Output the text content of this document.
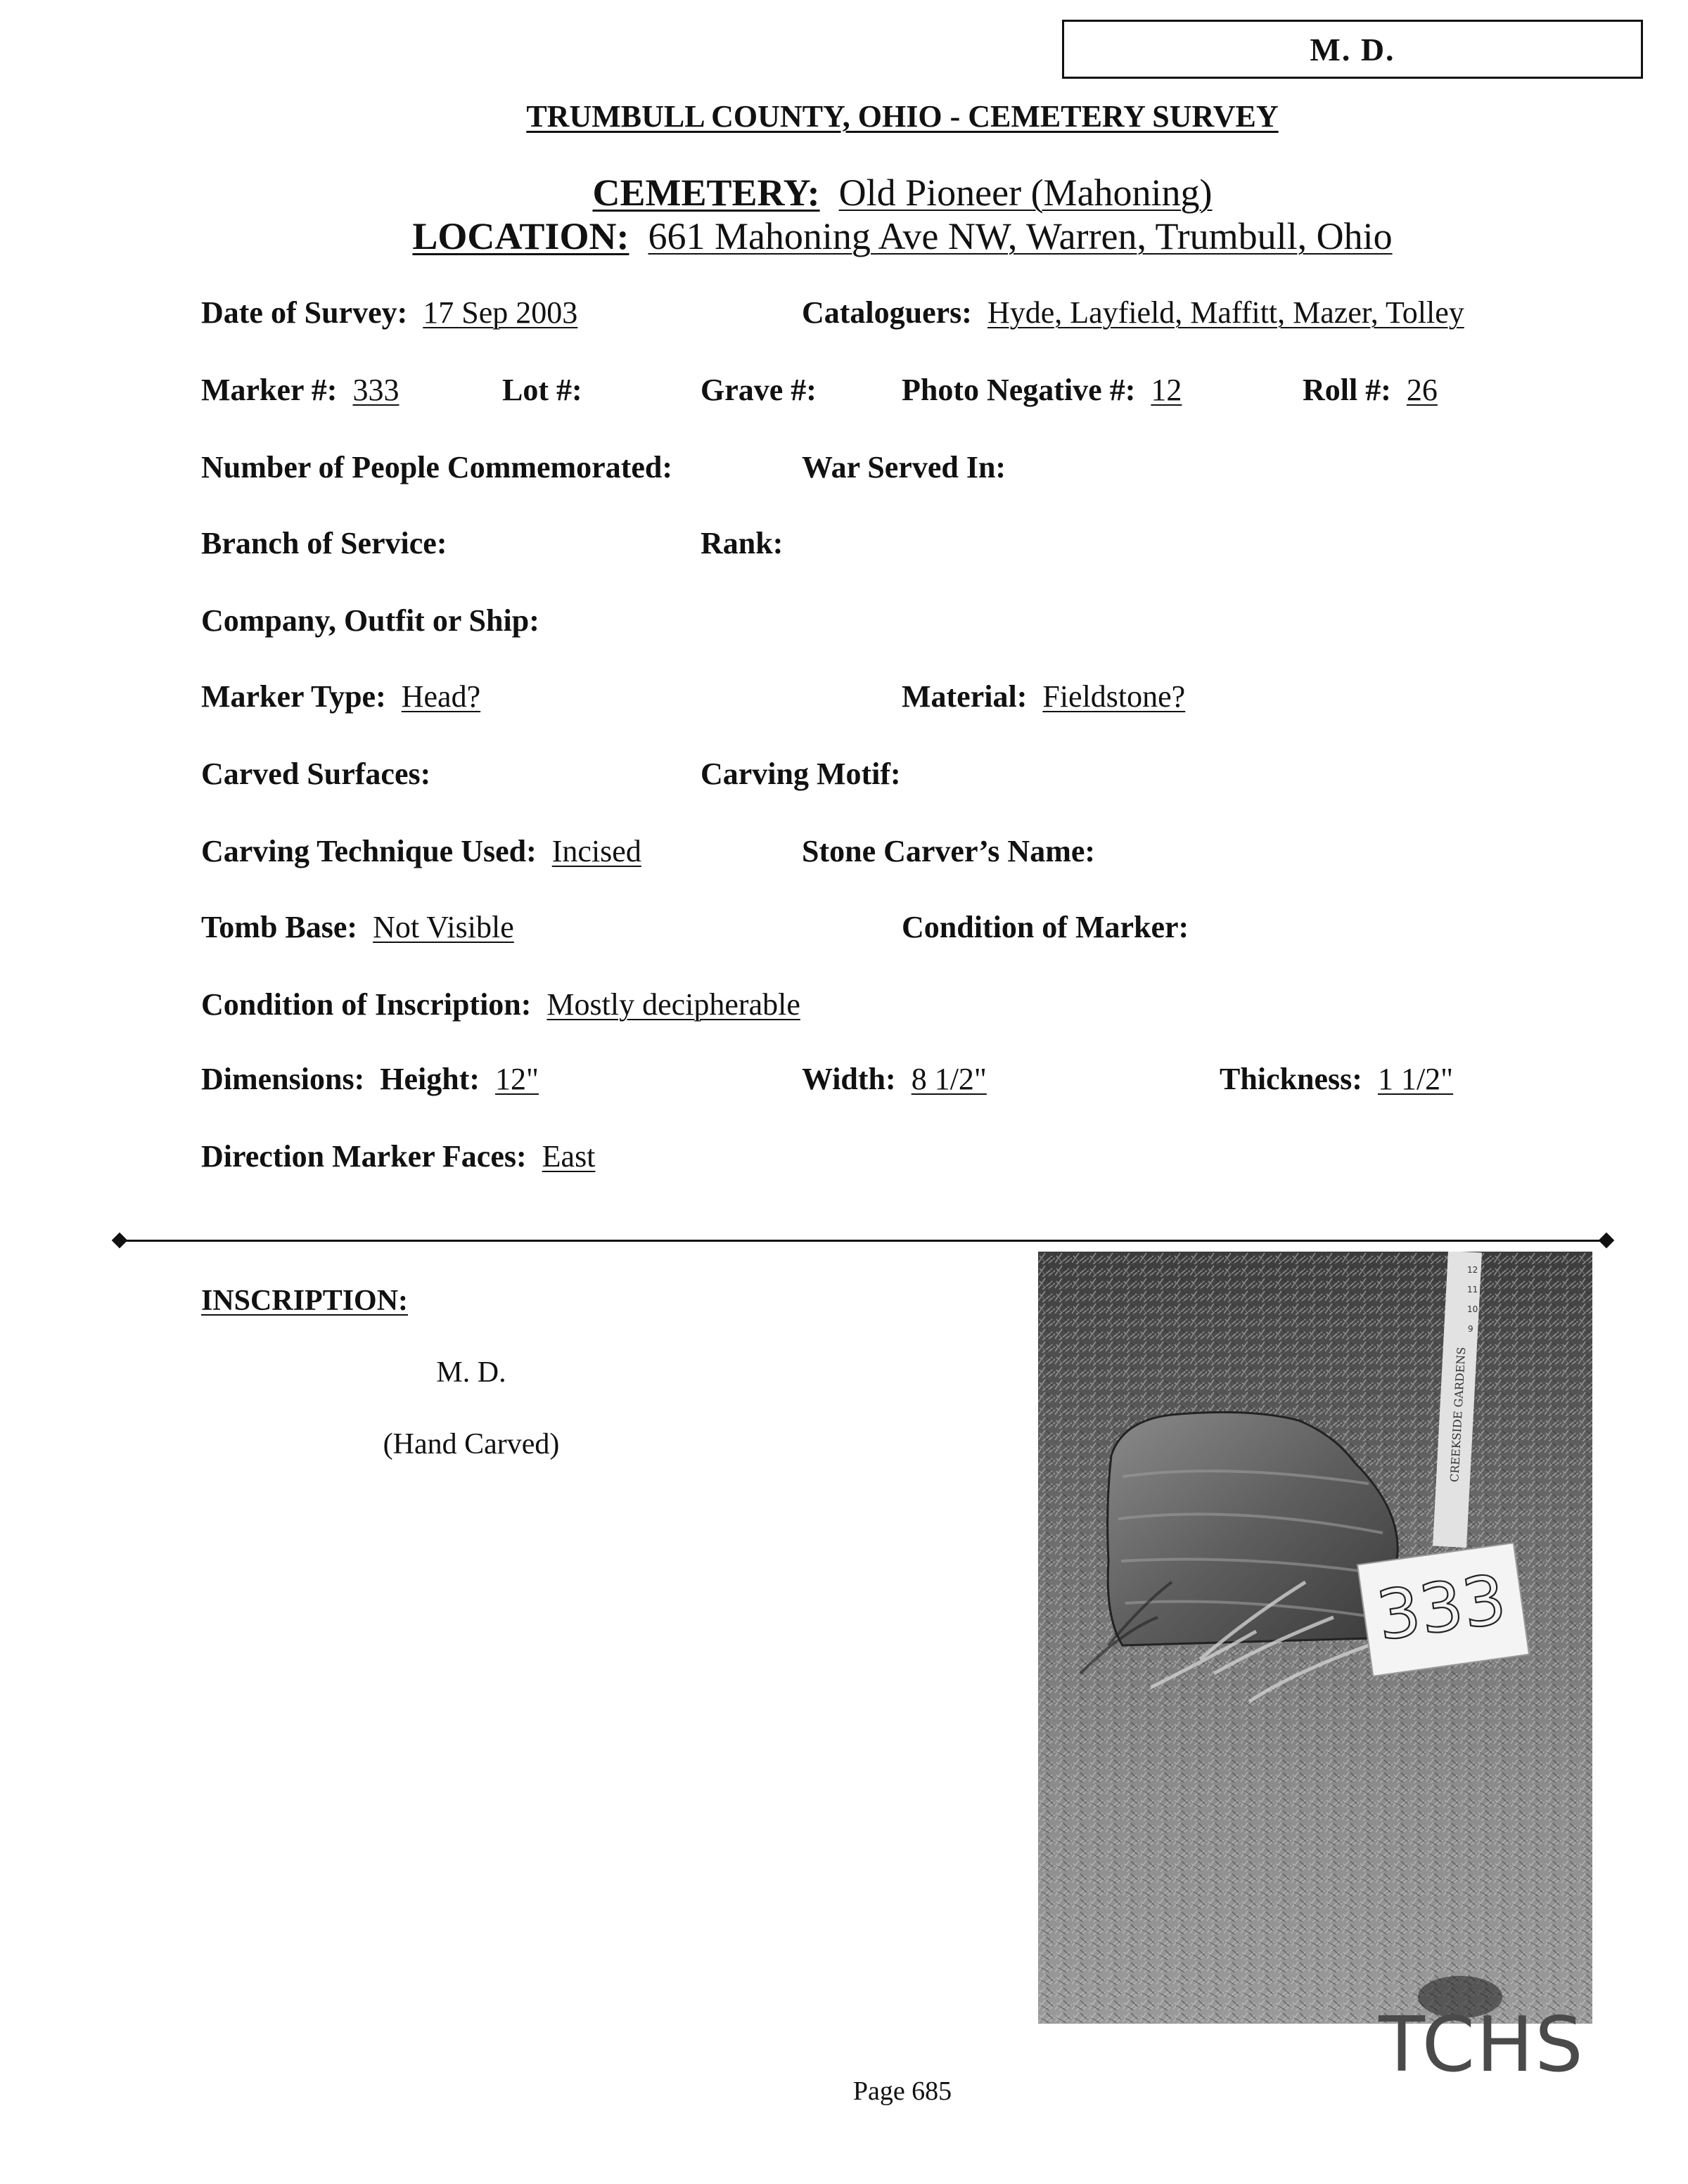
M. D.
TRUMBULL COUNTY, OHIO - CEMETERY SURVEY
CEMETERY: Old Pioneer (Mahoning)
LOCATION: 661 Mahoning Ave NW, Warren, Trumbull, Ohio
Date of Survey: 17 Sep 2003	Cataloguers: Hyde, Layfield, Maffitt, Mazer, Tolley
Marker #: 333	Lot #:	Grave #:	Photo Negative #: 12	Roll #: 26
Number of People Commemorated:	War Served In:
Branch of Service:	Rank:
Company, Outfit or Ship:
Marker Type: Head?	Material: Fieldstone?
Carved Surfaces:	Carving Motif:
Carving Technique Used: Incised	Stone Carver’s Name:
Tomb Base: Not Visible	Condition of Marker:
Condition of Inscription: Mostly decipherable
Dimensions: Height: 12"	Width: 8 1/2"	Thickness: 1 1/2"
Direction Marker Faces: East
INSCRIPTION:
M. D.
(Hand Carved)	CREEKSIDE GARDENS
12
11
10
9
333
TCHS
Page 685
